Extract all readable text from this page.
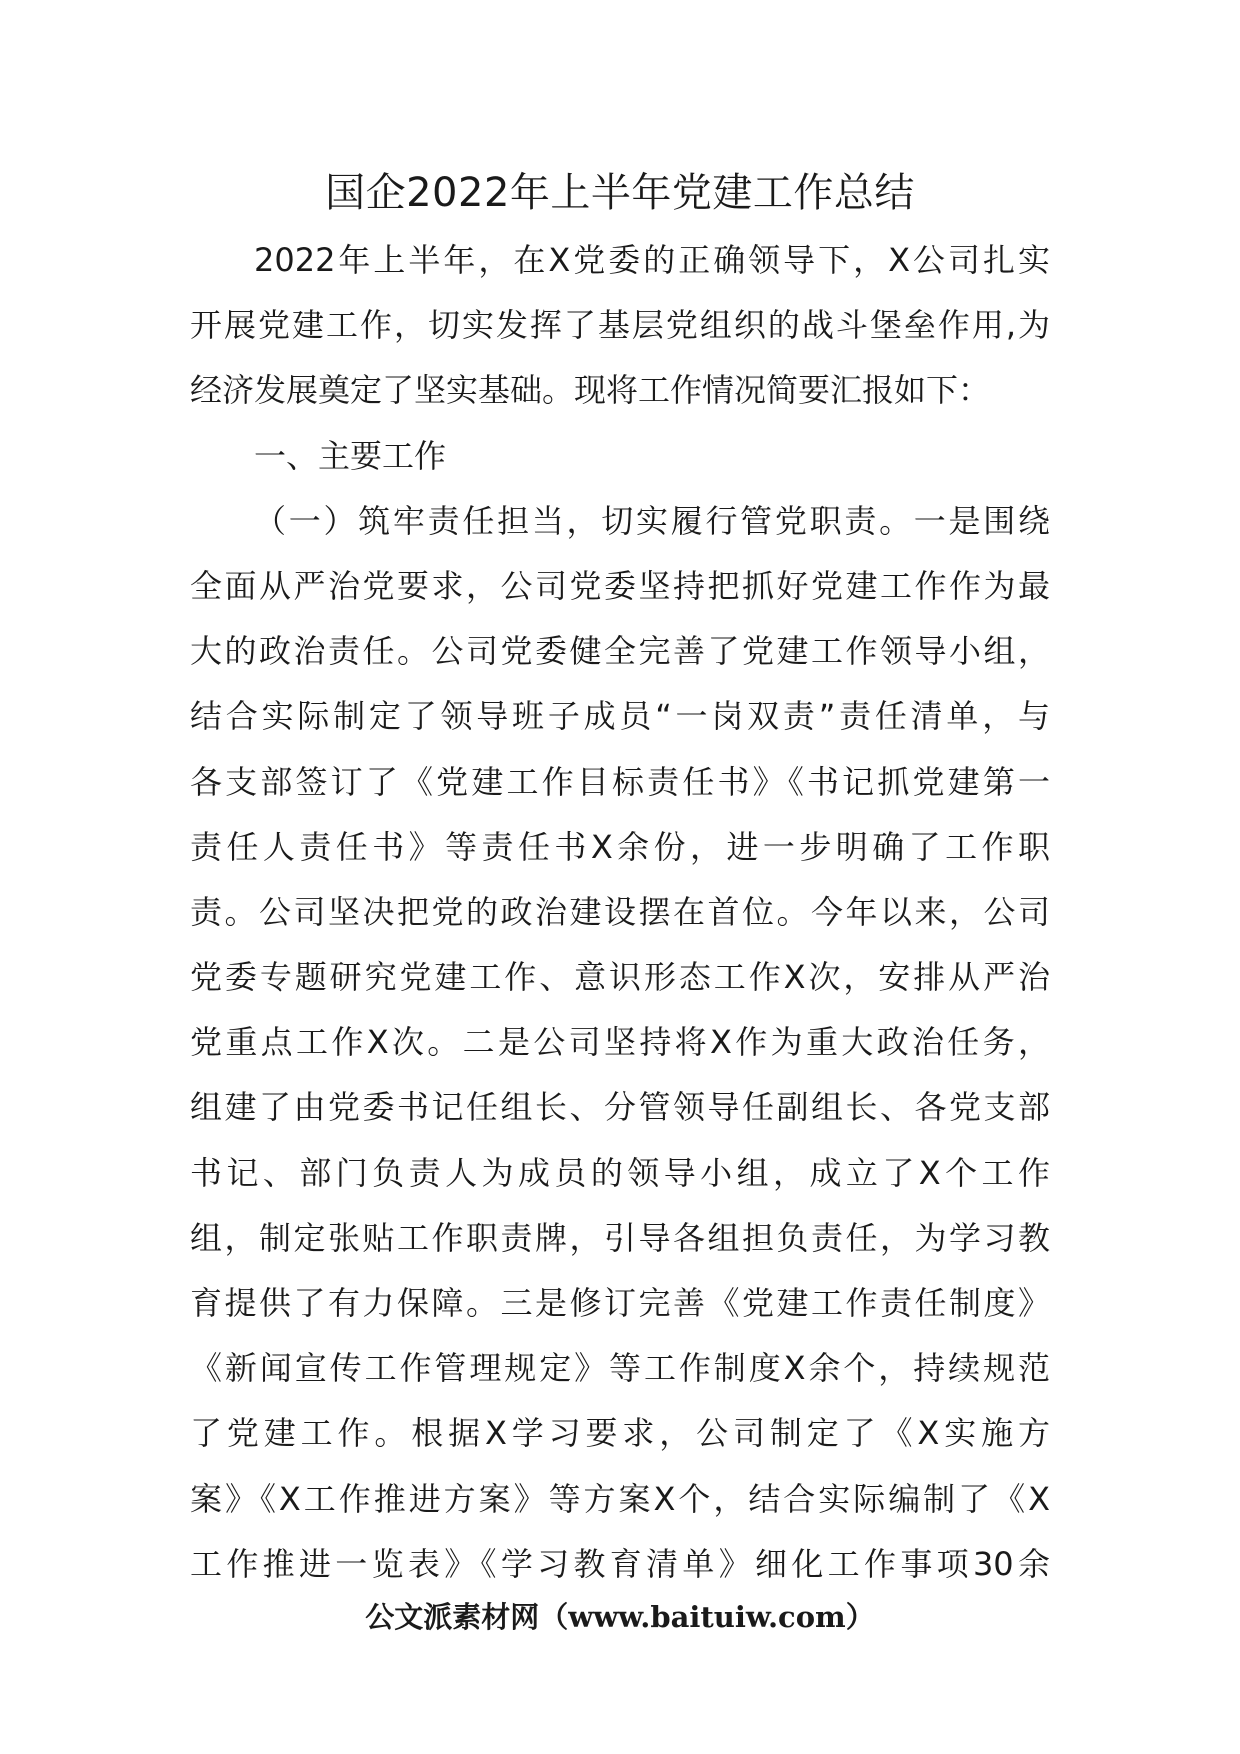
国企2022年上半年党建工作总结
2022年上半年，在X党委的正确领导下，X公司扎实
开展党建工作，切实发挥了基层党组织的战斗堡垒作用,为
经济发展奠定了坚实基础。现将工作情况简要汇报如下：
一、主要工作
（一）筑牢责任担当，切实履行管党职责。一是围绕
全面从严治党要求，公司党委坚持把抓好党建工作作为最
大的政治责任。公司党委健全完善了党建工作领导小组，
结合实际制定了领导班子成员“一岗双责”责任清单，与
各支部签订了《党建工作目标责任书》《书记抓党建第一
责任人责任书》等责任书X余份，进一步明确了工作职
责。公司坚决把党的政治建设摆在首位。今年以来，公司
党委专题研究党建工作、意识形态工作X次，安排从严治
党重点工作X次。二是公司坚持将X作为重大政治任务，
组建了由党委书记任组长、分管领导任副组长、各党支部
书记、部门负责人为成员的领导小组，成立了X个工作
组，制定张贴工作职责牌，引导各组担负责任，为学习教
育提供了有力保障。三是修订完善《党建工作责任制度》
《新闻宣传工作管理规定》等工作制度X余个，持续规范
了党建工作。根据X学习要求，公司制定了《X实施方
案》《X工作推进方案》等方案X个，结合实际编制了《X
工作推进一览表》《学习教育清单》细化工作事项30余
公文派素材网（www.baituiw.com）
